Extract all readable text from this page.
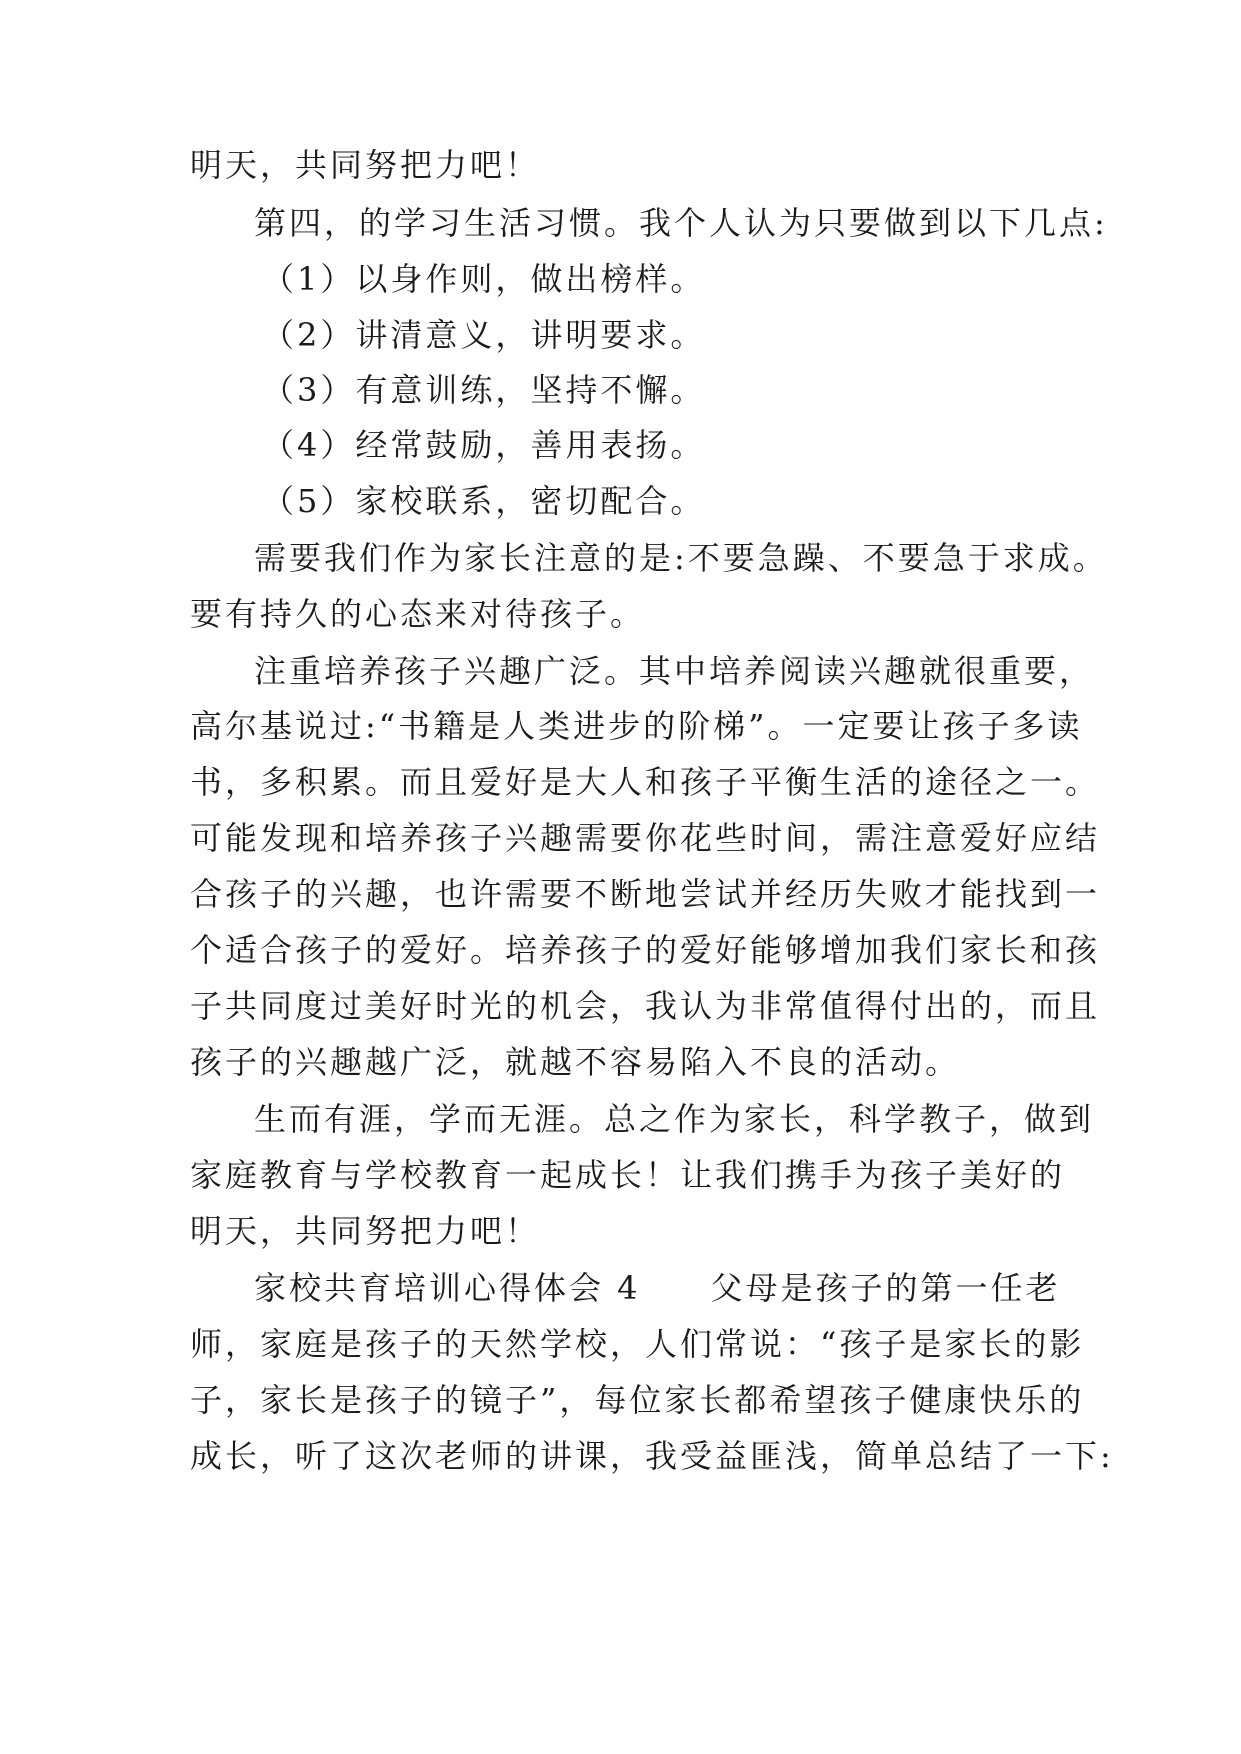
明天，共同努把力吧！
第四，的学习生活习惯。我个人认为只要做到以下几点:
（1）以身作则，做出榜样。
（2）讲清意义，讲明要求。
（3）有意训练，坚持不懈。
（4）经常鼓励，善用表扬。
（5）家校联系，密切配合。
需要我们作为家长注意的是:不要急躁、不要急于求成。
要有持久的心态来对待孩子。
注重培养孩子兴趣广泛。其中培养阅读兴趣就很重要，
高尔基说过:“书籍是人类进步的阶梯”。一定要让孩子多读
书，多积累。而且爱好是大人和孩子平衡生活的途径之一。
可能发现和培养孩子兴趣需要你花些时间，需注意爱好应结
合孩子的兴趣，也许需要不断地尝试并经历失败才能找到一
个适合孩子的爱好。培养孩子的爱好能够增加我们家长和孩
子共同度过美好时光的机会，我认为非常值得付出的，而且
孩子的兴趣越广泛，就越不容易陷入不良的活动。
生而有涯，学而无涯。总之作为家长，科学教子，做到
家庭教育与学校教育一起成长！让我们携手为孩子美好的
明天，共同努把力吧！
家校共育培训心得体会 4 父母是孩子的第一任老
师，家庭是孩子的天然学校，人们常说：“孩子是家长的影
子，家长是孩子的镜子”，每位家长都希望孩子健康快乐的
成长，听了这次老师的讲课，我受益匪浅，简单总结了一下:
